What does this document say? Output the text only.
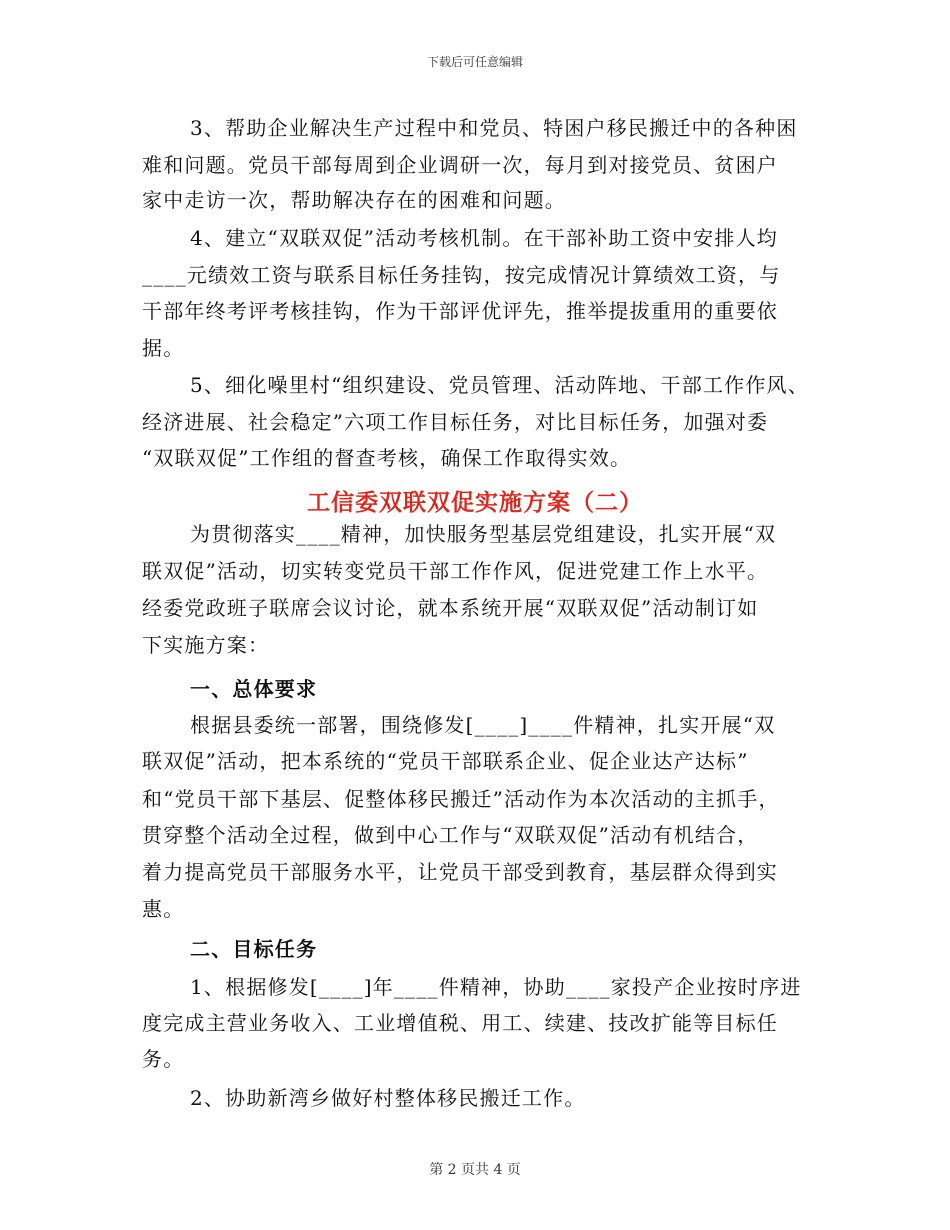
下载后可任意编辑

3、帮助企业解决生产过程中和党员、特困户移民搬迁中的各种困

难和问题。党员干部每周到企业调研一次，每月到对接党员、贫困户

家中走访一次，帮助解决存在的困难和问题。

4、建立“双联双促”活动考核机制。在干部补助工资中安排人均

____元绩效工资与联系目标任务挂钩，按完成情况计算绩效工资，与

干部年终考评考核挂钩，作为干部评优评先，推举提拔重用的重要依

据。

5、细化噪里村“组织建设、党员管理、活动阵地、干部工作作风、

经济进展、社会稳定”六项工作目标任务，对比目标任务，加强对委

“双联双促”工作组的督查考核，确保工作取得实效。

工信委双联双促实施方案（二）

为贯彻落实____精神，加快服务型基层党组建设，扎实开展“双

联双促”活动，切实转变党员干部工作作风，促进党建工作上水平。

经委党政班子联席会议讨论，就本系统开展“双联双促”活动制订如

下实施方案：

一、总体要求

根据县委统一部署，围绕修发[____]____件精神，扎实开展“双

联双促”活动，把本系统的“党员干部联系企业、促企业达产达标”

和“党员干部下基层、促整体移民搬迁”活动作为本次活动的主抓手，

贯穿整个活动全过程，做到中心工作与“双联双促”活动有机结合，

着力提高党员干部服务水平，让党员干部受到教育，基层群众得到实

惠。

二、目标任务

1、根据修发[____]年____件精神，协助____家投产企业按时序进

度完成主营业务收入、工业增值税、用工、续建、技改扩能等目标任

务。

2、协助新湾乡做好村整体移民搬迁工作。

第 2 页共 4 页
